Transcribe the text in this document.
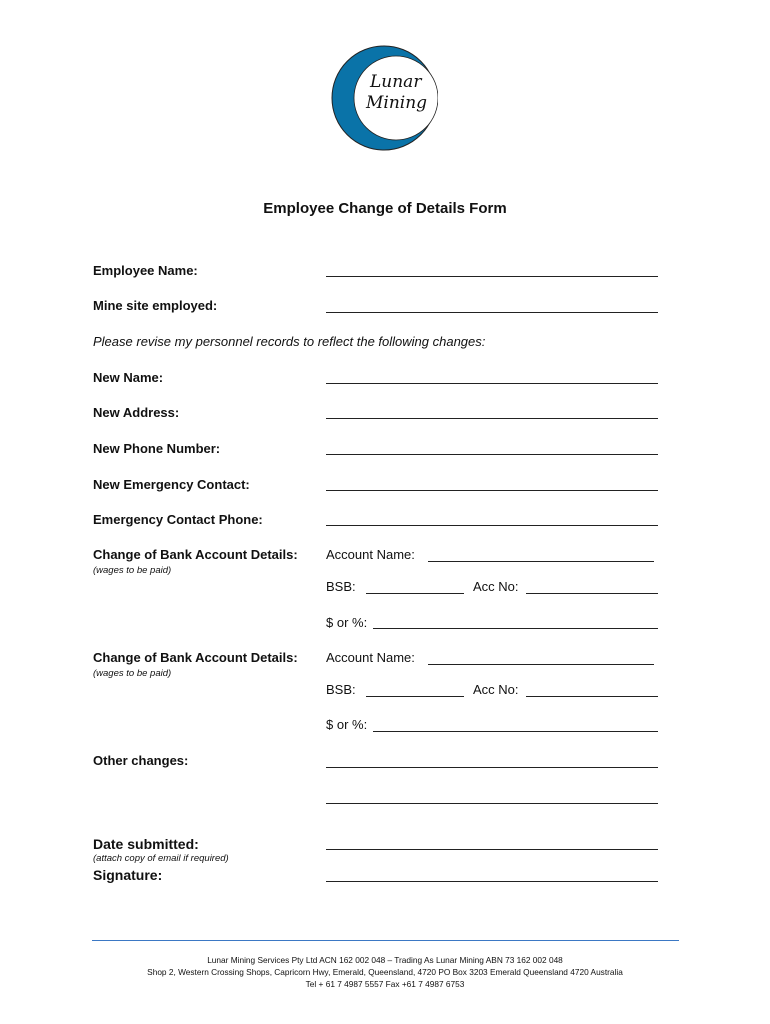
Lunar
Mining
Employee Change of Details Form
Employee Name:
Mine site employed:
Please revise my personnel records to reflect the following changes:
New Name:
New Address:
New Phone Number:
New Emergency Contact:
Emergency Contact Phone:
Change of Bank Account Details:
(wages to be paid)
Account Name:
BSB:	Acc No:
$ or %:
Change of Bank Account Details:
(wages to be paid)
Account Name:
BSB:	Acc No:
$ or %:
Other changes:
Date submitted:
(attach copy of email if required)
Signature:
Lunar Mining Services Pty Ltd ACN 162 002 048 – Trading As Lunar Mining ABN 73 162 002 048
Shop 2, Western Crossing Shops, Capricorn Hwy, Emerald, Queensland, 4720 PO Box 3203 Emerald Queensland 4720 Australia
Tel + 61 7 4987 5557 Fax +61 7 4987 6753
